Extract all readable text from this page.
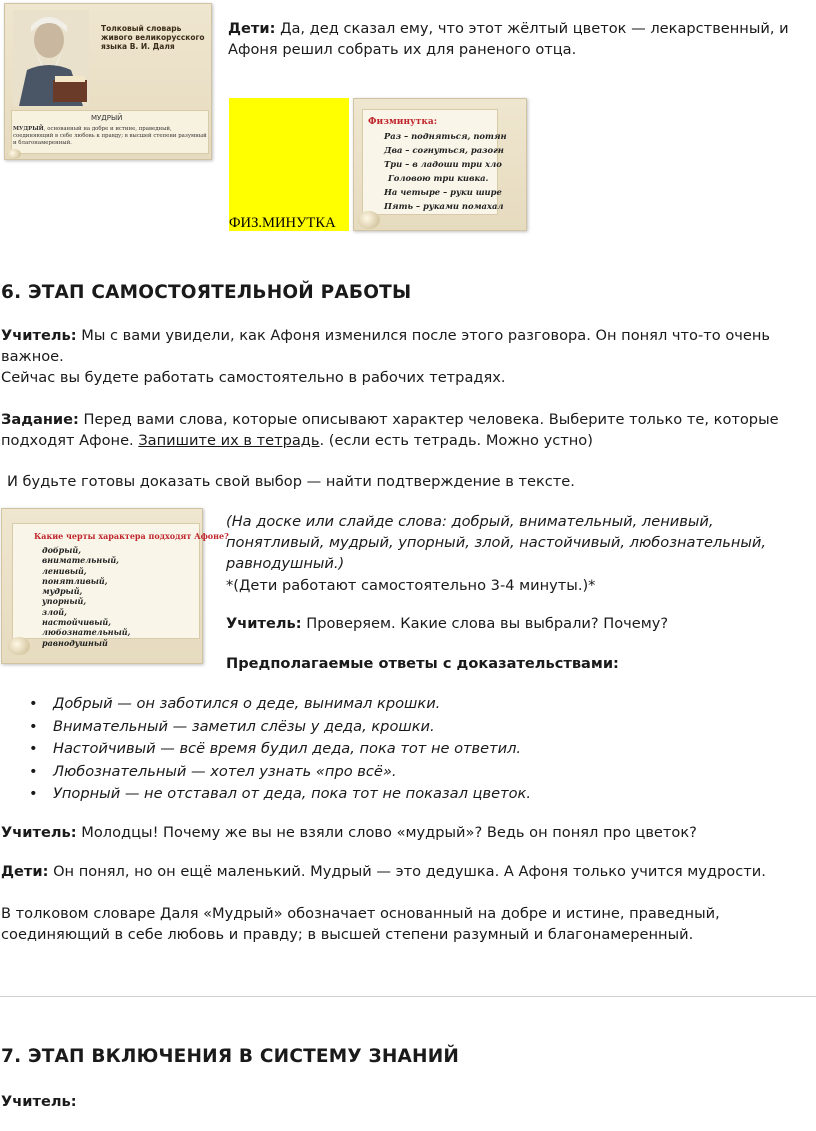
Толковый словарь живого великорусского языка В. И. Даля
МУДРЫЙ
МУДРЫЙ, основанный на добре и истине, праведный, соединяющий в себе любовь к правду; в высшей степени разумный и благонамеренный.
Дети: Да, дед сказал ему, что этот жёлтый цветок — лекарственный, и Афоня решил собрать их для раненого отца.
ФИЗ.МИНУТКА
Физминутка:
Раз – подняться, потян
Два – согнуться, разогн
Три – в ладоши три хло
Головою три кивка.
На четыре – руки шире
Пять – руками помахал
6. ЭТАП САМОСТОЯТЕЛЬНОЙ РАБОТЫ
Учитель: Мы с вами увидели, как Афоня изменился после этого разговора. Он понял что-то очень важное.
Сейчас вы будете работать самостоятельно в рабочих тетрадях.
Задание: Перед вами слова, которые описывают характер человека. Выберите только те, которые подходят Афоне. Запишите их в тетрадь. (если есть тетрадь. Можно устно)
И будьте готовы доказать свой выбор — найти подтверждение в тексте.
Какие черты характера подходят Афоне?
добрый,
внимательный,
ленивый,
понятливый,
мудрый,
упорный,
злой,
настойчивый,
любознательный,
равнодушный
(На доске или слайде слова: добрый, внимательный, ленивый, понятливый, мудрый, упорный, злой, настойчивый, любознательный, равнодушный.)
*(Дети работают самостоятельно 3-4 минуты.)*
Учитель: Проверяем. Какие слова вы выбрали? Почему?
Предполагаемые ответы с доказательствами:
• Добрый — он заботился о деде, вынимал крошки.
• Внимательный — заметил слёзы у деда, крошки.
• Настойчивый — всё время будил деда, пока тот не ответил.
• Любознательный — хотел узнать «про всё».
• Упорный — не отставал от деда, пока тот не показал цветок.
Учитель: Молодцы! Почему же вы не взяли слово «мудрый»? Ведь он понял про цветок?
Дети: Он понял, но он ещё маленький. Мудрый — это дедушка. А Афоня только учится мудрости.
В толковом словаре Даля «Мудрый» обозначает основанный на добре и истине, праведный, соединяющий в себе любовь и правду; в высшей степени разумный и благонамеренный.
7. ЭТАП ВКЛЮЧЕНИЯ В СИСТЕМУ ЗНАНИЙ
Учитель:
